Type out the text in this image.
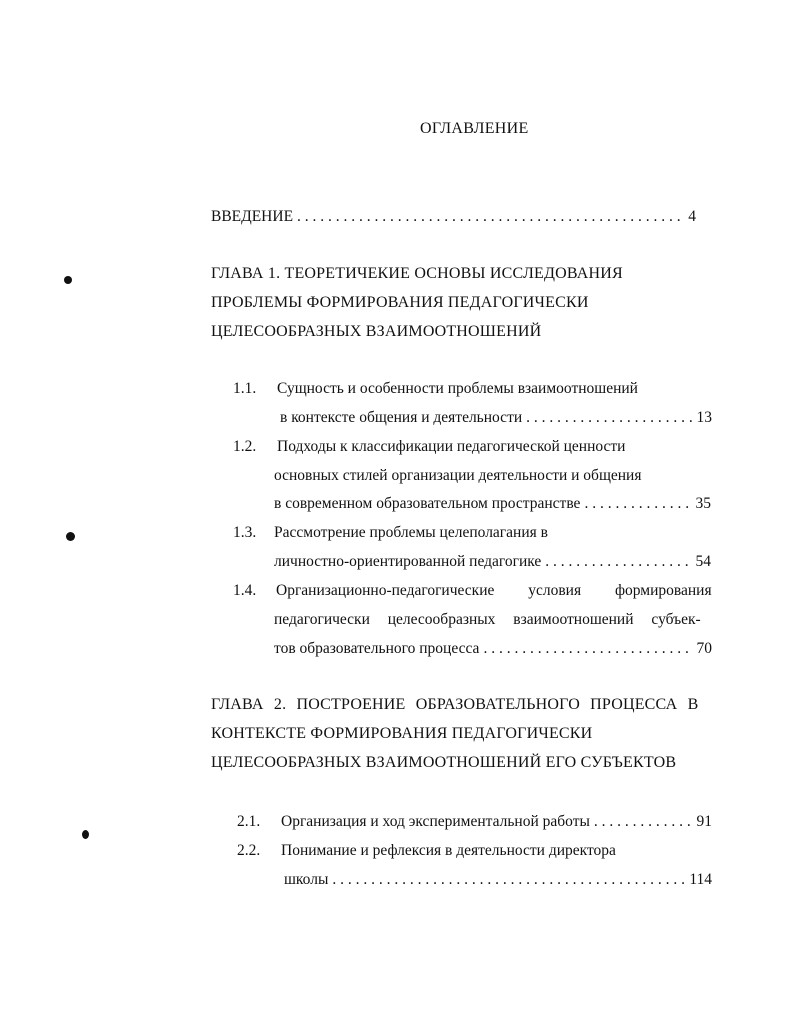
ОГЛАВЛЕНИЕ
ВВЕДЕНИЕ . . .	4
ГЛАВА 1. ТЕОРЕТИЧЕКИЕ ОСНОВЫ ИССЛЕДОВАНИЯ
ПРОБЛЕМЫ ФОРМИРОВАНИЯ ПЕДАГОГИЧЕСКИ
ЦЕЛЕСООБРАЗНЫХ ВЗАИМООТНОШЕНИЙ
1.1. Сущность и особенности проблемы взаимоотношений
в контексте общения и деятельности . . .	13
1.2. Подходы к классификации педагогической ценности
основных стилей организации деятельности и общения
в современном образовательном пространстве . . .	35
1.3. Рассмотрение проблемы целеполагания в
личностно-ориентированной педагогике . . .	54
1.4. Организационно-педагогические условия формирования
педагогически целесообразных взаимоотношений субъек-
тов образовательного процесса . . .	70
ГЛАВА 2. ПОСТРОЕНИЕ ОБРАЗОВАТЕЛЬНОГО ПРОЦЕССА В
КОНТЕКСТЕ ФОРМИРОВАНИЯ ПЕДАГОГИЧЕСКИ
ЦЕЛЕСООБРАЗНЫХ ВЗАИМООТНОШЕНИЙ ЕГО СУБЪЕКТОВ
2.1. Организация и ход экспериментальной работы . . .	91
2.2. Понимание и рефлексия в деятельности директора
школы . . .	114
